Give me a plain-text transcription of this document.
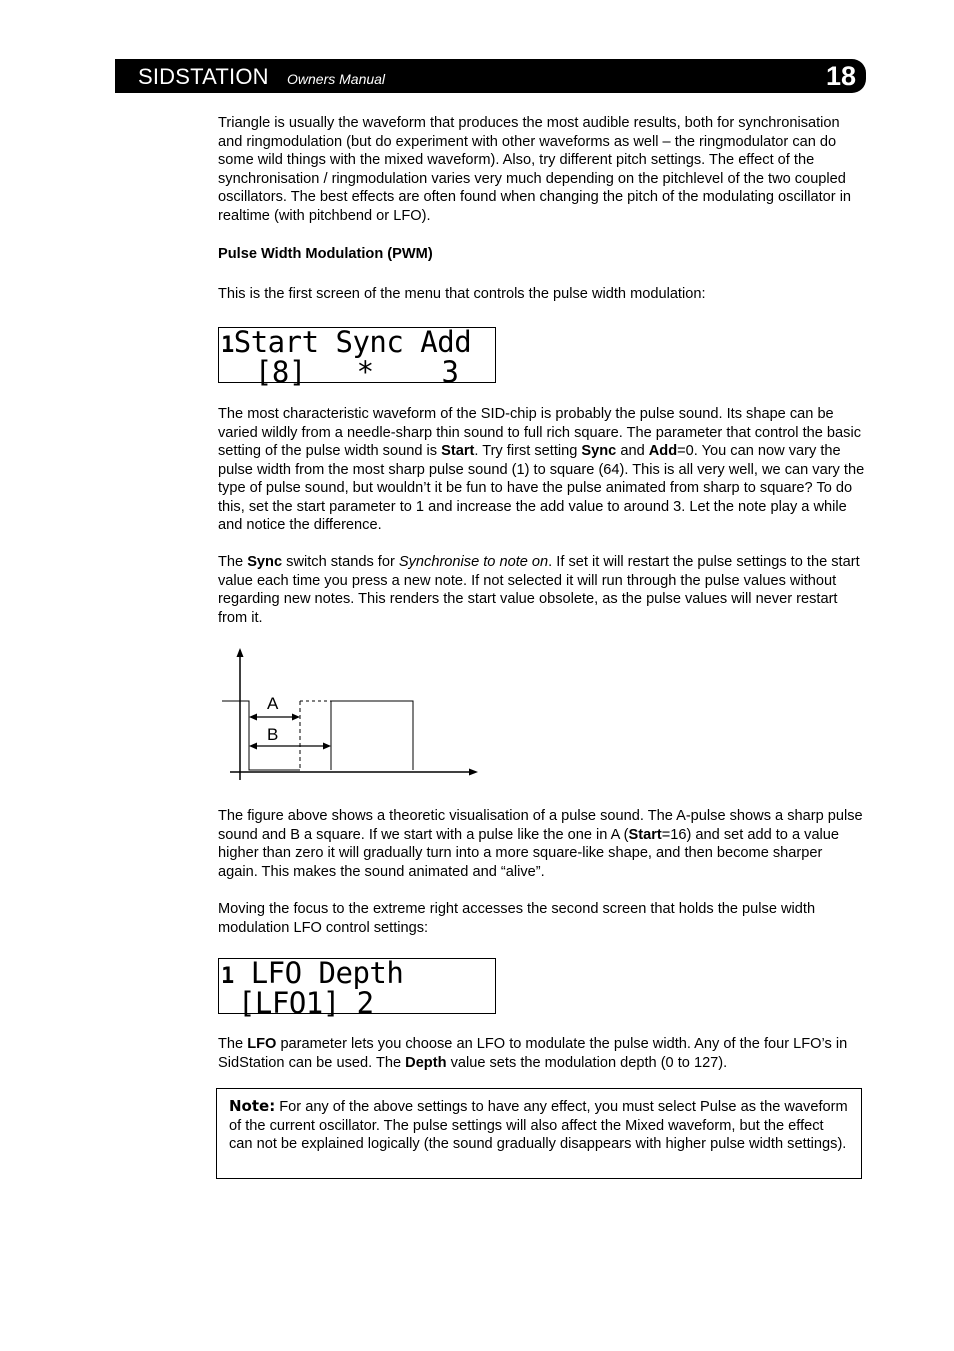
SIDSTATION Owners Manual	18

Triangle is usually the waveform that produces the most audible results, both for synchronisation and ringmodulation (but do experiment with other waveforms as well – the ringmodulator can do some wild things with the mixed waveform). Also, try different pitch settings. The effect of the synchronisation / ringmodulation varies very much depending on the pitchlevel of the two coupled oscillators. The best effects are often found when changing the pitch of the modulating oscillator in realtime (with pitchbend or LFO).

Pulse Width Modulation (PWM)

This is the first screen of the menu that controls the pulse width modulation:

1Start Sync Add
[8]   *    3

The most characteristic waveform of the SID-chip is probably the pulse sound. Its shape can be varied wildly from a needle-sharp thin sound to full rich square. The parameter that control the basic setting of the pulse width sound is Start. Try first setting Sync and Add=0. You can now vary the pulse width from the most sharp pulse sound (1) to square (64). This is all very well, we can vary the type of pulse sound, but wouldn’t it be fun to have the pulse animated from sharp to square? To do this, set the start parameter to 1 and increase the add value to around 3. Let the note play a while and notice the difference.

The Sync switch stands for Synchronise to note on. If set it will restart the pulse settings to the start value each time you press a new note. If not selected it will run through the pulse values without regarding new notes. This renders the start value obsolete, as the pulse values will never restart from it.

A
B

The figure above shows a theoretic visualisation of a pulse sound. The A-pulse shows a sharp pulse sound and B a square. If we start with a pulse like the one in A (Start=16) and set add to a value higher than zero it will gradually turn into a more square-like shape, and then become sharper again. This makes the sound animated and “alive”.

Moving the focus to the extreme right accesses the second screen that holds the pulse width modulation LFO control settings:

1 LFO Depth
[LFO1] 2

The LFO parameter lets you choose an LFO to modulate the pulse width. Any of the four LFO’s in SidStation can be used. The Depth value sets the modulation depth (0 to 127).

Note: For any of the above settings to have any effect, you must select Pulse as the waveform of the current oscillator. The pulse settings will also affect the Mixed waveform, but the effect can not be explained logically (the sound gradually disappears with higher pulse width settings).
